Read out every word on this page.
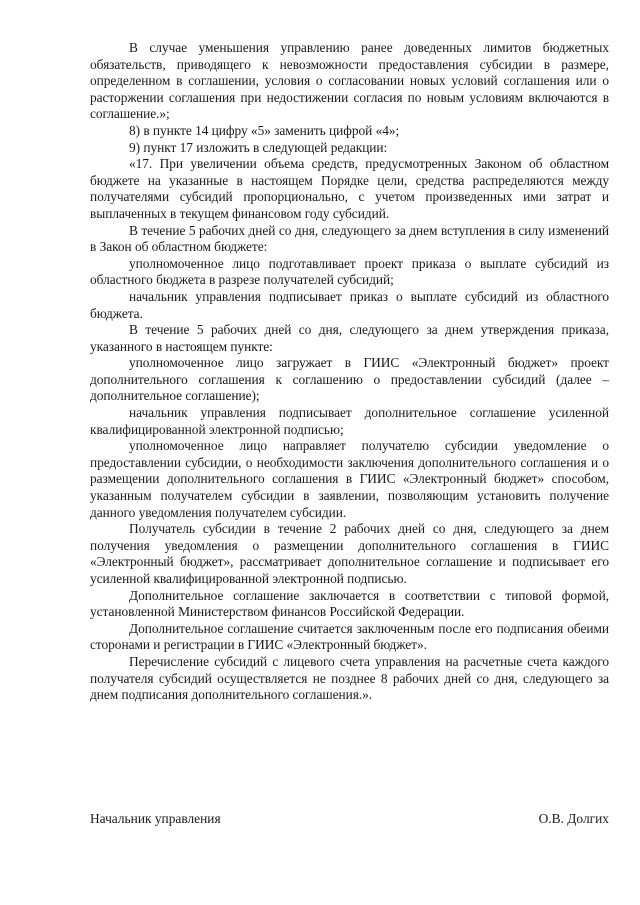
В случае уменьшения управлению ранее доведенных лимитов бюджетных обязательств, приводящего к невозможности предоставления субсидии в размере, определенном в соглашении, условия о согласовании новых условий соглашения или о расторжении соглашения при недостижении согласия по новым условиям включаются в соглашение.»;

8) в пункте 14 цифру «5» заменить цифрой «4»;

9) пункт 17 изложить в следующей редакции:

«17. При увеличении объема средств, предусмотренных Законом об областном бюджете на указанные в настоящем Порядке цели, средства распределяются между получателями субсидий пропорционально, с учетом произведенных ими затрат и выплаченных в текущем финансовом году субсидий.

В течение 5 рабочих дней со дня, следующего за днем вступления в силу изменений в Закон об областном бюджете:

уполномоченное лицо подготавливает проект приказа о выплате субсидий из областного бюджета в разрезе получателей субсидий;

начальник управления подписывает приказ о выплате субсидий из областного бюджета.

В течение 5 рабочих дней со дня, следующего за днем утверждения приказа, указанного в настоящем пункте:

уполномоченное лицо загружает в ГИИС «Электронный бюджет» проект дополнительного соглашения к соглашению о предоставлении субсидий (далее – дополнительное соглашение);

начальник управления подписывает дополнительное соглашение усиленной квалифицированной электронной подписью;

уполномоченное лицо направляет получателю субсидии уведомление о предоставлении субсидии, о необходимости заключения дополнительного соглашения и о размещении дополнительного соглашения в ГИИС «Электронный бюджет» способом, указанным получателем субсидии в заявлении, позволяющим установить получение данного уведомления получателем субсидии.

Получатель субсидии в течение 2 рабочих дней со дня, следующего за днем получения уведомления о размещении дополнительного соглашения в ГИИС «Электронный бюджет», рассматривает дополнительное соглашение и подписывает его усиленной квалифицированной электронной подписью.

Дополнительное соглашение заключается в соответствии с типовой формой, установленной Министерством финансов Российской Федерации.

Дополнительное соглашение считается заключенным после его подписания обеими сторонами и регистрации в ГИИС «Электронный бюджет».

Перечисление субсидий с лицевого счета управления на расчетные счета каждого получателя субсидий осуществляется не позднее 8 рабочих дней со дня, следующего за днем подписания дополнительного соглашения.».

Начальник управления	О.В. Долгих
